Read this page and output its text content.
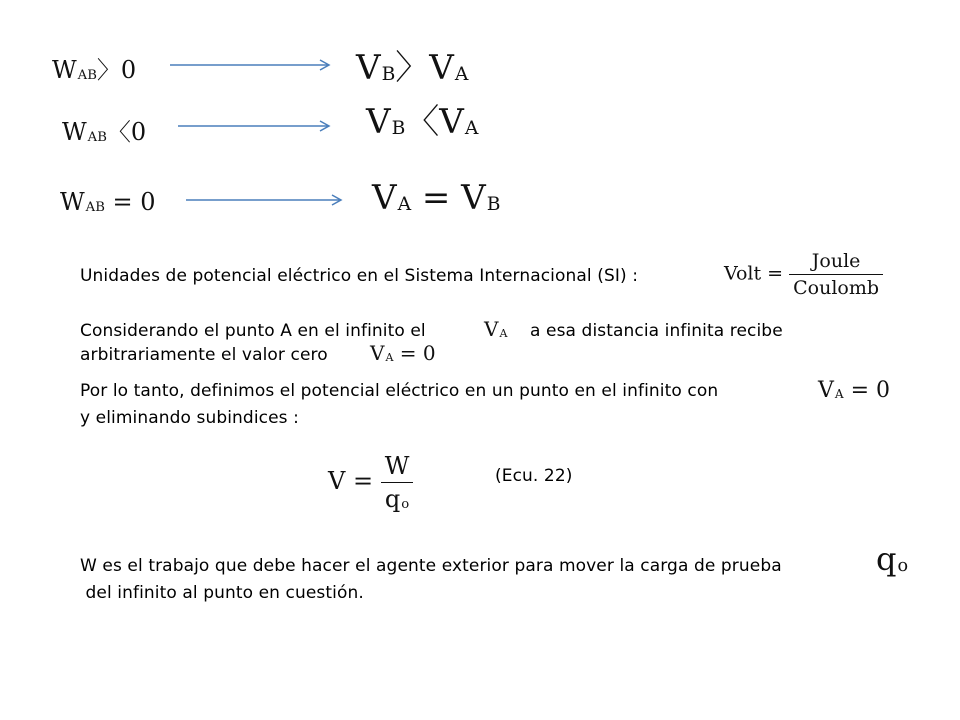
$W_{AB}$〉0	$V_B$〉$V_A$
$W_{AB}$〈0	$V_B$〈$V_A$
$W_{AB} = 0$	$V_A = V_B$
Unidades de potencial eléctrico en el Sistema Internacional (SI) :	Volt = $\frac{\text{Joule}}{\text{Coulomb}}$
Considerando el punto A en el infinito el	$V_A$ a esa distancia infinita recibe
arbitrariamente el valor cero $V_A = 0$
Por lo tanto, definimos el potencial eléctrico en un punto en el infinito con	$V_A = 0$
y eliminando subindices :
$V = \frac{W}{q_o}$	(Ecu. 22)
W es el trabajo que debe hacer el agente exterior para mover la carga de prueba	$q_o$
del infinito al punto en cuestión.
